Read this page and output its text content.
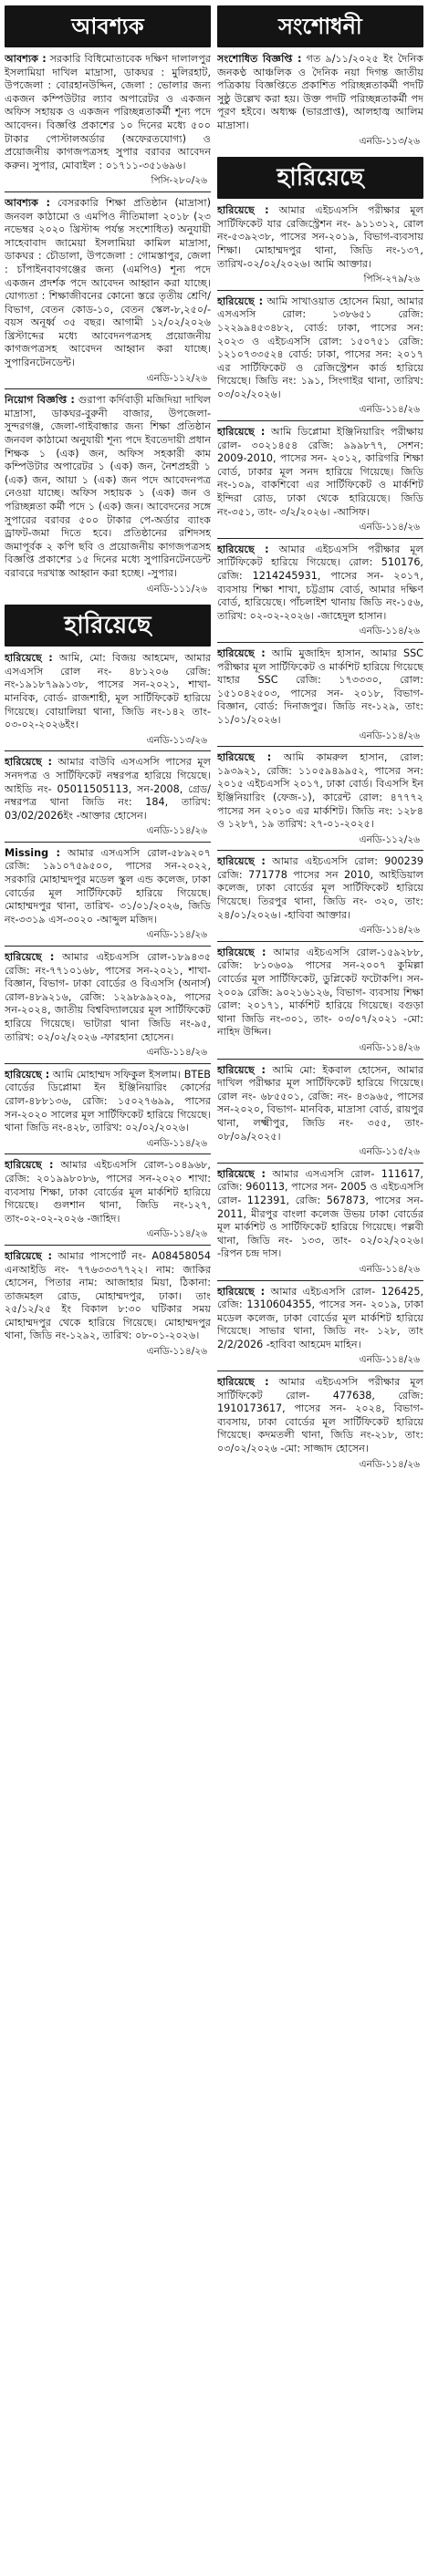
আবশ্যক
আবশ্যক : সরকারি বিধিমোতাবেক দক্ষিণ দালালপুর ইসলামিয়া দাখিল মাদ্রাসা, ডাকঘর : মুলিরহাট, উপজেলা : বোরহানউদ্দিন, জেলা : ভোলার জন্য একজন কম্পিউটার ল্যাব অপারেটর ও একজন অফিস সহায়ক ও একজন পরিচ্ছন্নতাকর্মী শূন্য পদে আবেদন। বিজ্ঞপ্তি প্রকাশের ১০ দিনের মধ্যে ৫০০ টাকার পোস্টালঅর্ডার (অফেরতযোগ্য) ও প্রয়োজনীয় কাগজপত্রসহ সুপার বরাবর আবেদন করুন। সুপার, মোবাইল : ০১৭১১-৩৫১৬৯৬।
পিসি-২৮০/২৬
আবশ্যক : বেসরকারি শিক্ষা প্রতিষ্ঠান (মাদ্রাসা) জনবল কাঠামো ও এমপিও নীতিমালা ২০১৮ (২৩ নভেম্বর ২০২০ খ্রিস্টাব্দ পর্যন্ত সংশোধিত) অনুযায়ী সাহেবাবাদ জামেয়া ইসলামিয়া কামিল মাদ্রাসা, ডাকঘর : চৌডালা, উপজেলা : গোমস্তাপুর, জেলা : চাঁপাইনবাবগঞ্জের জন্য (এমপিও) শূন্য পদে একজন প্রদর্শক পদে আবেদন আহ্বান করা যাচ্ছে। যোগ্যতা : শিক্ষাজীবনের কোনো স্তরে তৃতীয় শ্রেণি/বিভাগ, বেতন কোড-১০, বেতন স্কেল-৮,২৫০/- বয়স অনূর্ধ্ব ৩৫ বছর। আগামী ১২/০২/২০২৬ খ্রিস্টাব্দের মধ্যে আবেদনপত্রসহ প্রয়োজনীয় কাগজপত্রসহ আবেদন আহ্বান করা যাচ্ছে। সুপারিনটেনডেন্ট।
এনডি-১১২/২৬
নিয়োগ বিজ্ঞপ্তি : গুরাপা কর্দিবাড়ী মজিদিয়া দাখিল মাদ্রাসা, ডাকঘর-বুরুনী বাজার, উপজেলা-সুন্দরগঞ্জ, জেলা-গাইবান্ধার জন্য শিক্ষা প্রতিষ্ঠান জনবল কাঠামো অনুযায়ী শূন্য পদে ইবতেদায়ী প্রধান শিক্ষক ১ (এক) জন, অফিস সহকারী কাম কম্পিউটার অপারেটর ১ (এক) জন, নৈশপ্রহরী ১ (এক) জন, আয়া ১ (এক) জন পদে আবেদনপত্র নেওয়া যাচ্ছে। অফিস সহায়ক ১ (এক) জন ও পরিচ্ছন্নতা কর্মী পদে ১ (এক) জন। আবেদনের সঙ্গে সুপারের বরাবর ৫০০ টাকার পে-অর্ডার ব্যাংক ড্রাফট-জমা দিতে হবে। প্রতিষ্ঠানের রশিদসহ জমাপূর্বক ২ কপি ছবি ও প্রয়োজনীয় কাগজপত্রসহ বিজ্ঞপ্তি প্রকাশের ১৫ দিনের মধ্যে সুপারিনটেনডেন্ট বরাবরে দরখাস্ত আহ্বান করা হচ্ছে। -সুপার।
এনডি-১১১/২৬
হারিয়েছে
হারিয়েছে : আমি, মো: বিজয় আহমেদ, আমার এসএসসি রোল নং- ৪৮১২০৬ রেজি: নং-১৯১৮৭৯৯১৩৮, পাসের সন-২০২১, শাখা- মানবিক, বোর্ড- রাজশাহী, মূল সার্টিফিকেট হারিয়ে গিয়েছে। বোয়ালিয়া থানা, জিডি নং-১৪২ তাং- ০৩-০২-২০২৬ইং।
এনডি-১১৩/২৬
হারিয়েছে : আমার বাউবি এসএসসি পাসের মূল সনদপত্র ও সার্টিফিকেট নম্বরপত্র হারিয়ে গিয়েছে। আইডি নং- 05011505113, সন-2008, গ্রেড/নম্বরপত্র থানা জিডি নং: 184, তারিখ: 03/02/2026ইং -আক্তার হোসেন।
এনডি-১১৪/২৬
Missing : আমার এসএসসি রোল-৫৮৯২০৭ রেজি: ১৯১০৭৫৯৫০০, পাসের সন-২০২২, সরকারি মোহাম্মদপুর মডেল স্কুল এন্ড কলেজ, ঢাকা বোর্ডের মূল সার্টিফিকেট হারিয়ে গিয়েছে। মোহাম্মদপুর থানা, তারিখ- ৩১/০১/২০২৬, জিডি নং-৩৩১৯ এস-৩০২০ -আব্দুল মজিদ।
এনডি-১১৪/২৬
হারিয়েছে : আমার এইচএসসি রোল-১৮৯৪৩৫ রেজি: নং-৭৭১০১৬৮, পাসের সন-২০২১, শাখা- বিজ্ঞান, বিভাগ- ঢাকা বোর্ডের ও বিএসসি (অনার্স) রোল-৪৮৯২১৬, রেজি: ১২৯৮৯৯২০৯, পাসের সন-২০২৪, জাতীয় বিশ্ববিদ্যালয়ের মূল সার্টিফিকেট হারিয়ে গিয়েছে। ভাটারা থানা জিডি নং-৯৫, তারিখ: ০২/০২/২০২৬ -ফারহানা হোসেন।
এনডি-১১৪/২৬
হারিয়েছে : আমি মোহাম্মদ সফিকুল ইসলাম। BTEB বোর্ডের ডিপ্লোমা ইন ইঞ্জিনিয়ারিং কোর্সের রোল-৪৮৮১৩৬, রেজি: ১৫০২৭৬৯৯, পাসের সন-২০২০ সালের মূল সার্টিফিকেট হারিয়ে গিয়েছে। থানা জিডি নং-৪২৮, তারিখ: ০২/০২/২০২৬।
এনডি-১১৪/২৬
হারিয়েছে : আমার এইচএসসি রোল-১০৪৯৬৮, রেজি: ২০১৯৯৮০৮৬, পাসের সন-২০২০ শাখা: ব্যবসায় শিক্ষা, ঢাকা বোর্ডের মূল মার্কশিট হারিয়ে গিয়েছে। গুলশান থানা, জিডি নং-১২৭, তাং-০২-০২-২০২৬ -জাহিদ।
এনডি-১১৪/২৬
হারিয়েছে : আমার পাসপোর্ট নং- A08458054 এনআইডি নং- ৭৭৬৩৩৩৭৭২২। নাম: জাকির হোসেন, পিতার নাম: আজাহার মিয়া, ঠিকানা: তাজমহল রোড, মোহাম্মদপুর, ঢাকা। তাং ২৫/১২/২৫ ইং বিকাল ৮:৩০ ঘটিকার সময় মোহাম্মদপুর থেকে হারিয়ে গিয়েছে। মোহাম্মদপুর থানা, জিডি নং-১২৯২, তারিখ: ০৮-০১-২০২৬।
এনডি-১১৪/২৬
সংশোধনী
সংশোধিত বিজ্ঞপ্তি : গত ৯/১১/২০২৫ ইং দৈনিক জনকণ্ঠ আঞ্চলিক ও দৈনিক নয়া দিগন্ত জাতীয় পত্রিকায় বিজ্ঞপ্তিতে প্রকাশিত পরিচ্ছন্নতাকর্মী পদটি সুষ্ঠু উল্লেখ করা হয়। উক্ত পদটি পরিচ্ছন্নতাকর্মী পদ পূরণ হইবে। অধ্যক্ষ (ভারপ্রাপ্ত), আলহাজ্ব আলিম মাদ্রাসা।
এনডি-১১৩/২৬
হারিয়েছে
হারিয়েছে : আমার এইচএসসি পরীক্ষার মূল সার্টিফিকেট যার রেজিস্ট্রেশন নং- ৯১১৩১২, রোল নং-৫৩৯২৩৮, পাসের সন-২০১৯, বিভাগ-ব্যবসায় শিক্ষা। মোহাম্মদপুর থানা, জিডি নং-১৩৭, তারিখ-০২/০২/২০২৬। আমি আক্তার।
পিসি-২৭৯/২৬
হারিয়েছে : আমি সাখাওয়াত হোসেন মিয়া, আমার এসএসসি রোল: ১৩৮৬৫১ রেজি: ১২২৯৯৪৫৩৪৮২, বোর্ড: ঢাকা, পাসের সন: ২০২৩ ও এইচএসসি রোল: ১৫০৭৫১ রেজি: ১২১০৭৩৩৫২৪ বোর্ড: ঢাকা, পাসের সন: ২০১৭ এর সার্টিফিকেট ও রেজিস্ট্রেশন কার্ড হারিয়ে গিয়েছে। জিডি নং: ১৯১, সিংগাইর থানা, তারিখ: ০৩/০২/২০২৬।
এনডি-১১৪/২৬
হারিয়েছে : আমি ডিপ্লোমা ইঞ্জিনিয়ারিং পরীক্ষায় রোল- ৩০২১৪৫৪ রেজি: ৯৯৯৮৭৭, সেশন: 2009-2010, পাসের সন- ২০১২, কারিগরি শিক্ষা বোর্ড, ঢাকার মূল সনদ হারিয়ে গিয়েছে। জিডি নং-১০৯, বাকশিবো এর সার্টিফিকেট ও মার্কশিট ইন্দিরা রোড, ঢাকা থেকে হারিয়েছে। জিডি নং-৩৫১, তাং- ৩/২/২০২৬। -আসিফ।
এনডি-১১৪/২৬
হারিয়েছে : আমার এইচএসসি পরীক্ষার মূল সার্টিফিকেট হারিয়ে গিয়েছে। রোল: 510176, রেজি: 1214245931, পাসের সন- ২০১৭, ব্যবসায় শিক্ষা শাখা, চট্টগ্রাম বোর্ড, আমার দক্ষিণ বোর্ড, হারিয়েছে। পাঁচলাইশ থানায় জিডি নং-১৫৬, তারিখ: ০২-০২-২০২৬। -জাহেদুল হাসান।
এনডি-১১৪/২৬
হারিয়েছে : আমি মুজাহিদ হাসান, আমার SSC পরীক্ষার মূল সার্টিফিকেট ও মার্কশিট হারিয়ে গিয়েছে যাহার SSC রেজি: ১৭৩৩৩০, রোল: ১৫১০৪২৫০৩, পাসের সন- ২০১৮, বিভাগ-বিজ্ঞান, বোর্ড: দিনাজপুর। জিডি নং-১২৯, তাং: ১১/০১/২০২৬।
এনডি-১১৪/২৬
হারিয়েছে : আমি কামরুল হাসান, রোল: ১৯৩৯২১, রেজি: ১১০৫৯৪৯৯৫২, পাসের সন: ২০১৫ এইচএসসি ২০১৭, ঢাকা বোর্ড। বিএসসি ইন ইঞ্জিনিয়ারিং (ফেজ-১), কারেন্ট রোল: ৪৭৭৭২ পাসের সন ২০১০ এর মার্কশিট। জিডি নং: ১২৮৪ ও ১২৮৭, ১৯ তারিখ: ২৭-০১-২০২৫।
এনডি-১১২/২৬
হারিয়েছে : আমার এইচএসসি রোল: 900239 রেজি: 771778 পাসের সন 2010, আইডিয়াল কলেজ, ঢাকা বোর্ডের মূল সার্টিফিকেট হারিয়ে গিয়েছে। তিরপুর থানা, জিডি নং- ৩২০, তাং: ২৪/০১/২০২৬। -হাবিবা আক্তার।
এনডি-১১৪/২৬
হারিয়েছে : আমার এইচএসসি রোল-১৫৯২৮৮, রেজি: ৮১০৬০৯ পাসের সন-২০০৭ কুমিল্লা বোর্ডের মূল সার্টিফিকেট, ডুপ্লিকেট ফটোকপি। সন- ২০০৯ রেজি: ৯০২১৬১২৬, বিভাগ- ব্যবসায় শিক্ষা রোল: ২০১৭১, মার্কশিট হারিয়ে গিয়েছে। বগুড়া থানা জিডি নং-৩০১, তাং- ০৩/০৭/২০২১ -মো: নাহিদ উদ্দিন।
এনডি-১১৪/২৬
হারিয়েছে : আমি মো: ইকবাল হোসেন, আমার দাখিল পরীক্ষার মূল সার্টিফিকেট হারিয়ে গিয়েছে। রোল নং- ৬৮৫৫০১, রেজি: নং- ৪৩৯৬৫, পাসের সন-২০২০, বিভাগ- মানবিক, মাদ্রাসা বোর্ড, রায়পুর থানা, লক্ষ্মীপুর, জিডি নং- ৩৫৫, তাং- ০৮/০৯/২০২৫।
এনডি-১১৫/২৬
হারিয়েছে : আমার এসএসসি রোল- 111617, রেজি: 960113, পাসের সন- 2005 ও এইচএসসি রোল- 112391, রেজি: 567873, পাসের সন- 2011, মীরপুর বাংলা কলেজ উভয় ঢাকা বোর্ডের মূল মার্কশিট ও সার্টিফিকেট হারিয়ে গিয়েছে। পল্লবী থানা, জিডি নং- ১৩৩, তাং- ০২/০২/২০২৬। -রিপন চন্দ্র দাস।
এনডি-১১৪/২৬
হারিয়েছে : আমার এইচএসসি রোল- 126425, রেজি: 1310604355, পাসের সন- ২০১৯, ঢাকা মডেল কলেজ, ঢাকা বোর্ডের মূল মার্কশিট হারিয়ে গিয়েছে। সাভার থানা, জিডি নং- ১২৮, তাং 2/2/2026 -হাবিবা আহমেদ মাহিন।
এনডি-১১৪/২৬
হারিয়েছে : আমার এইচএসসি পরীক্ষার মূল সার্টিফিকেট রোল- 477638, রেজি: 1910173617, পাসের সন- ২০২৪, বিভাগ- ব্যবসায়, ঢাকা বোর্ডের মূল সার্টিফিকেট হারিয়ে গিয়েছে। কদমতলী থানা, জিডি নং-২১৮, তাং: ০৩/০২/২০২৬ -মো: সাজ্জাদ হোসেন।
এনডি-১১৪/২৬
